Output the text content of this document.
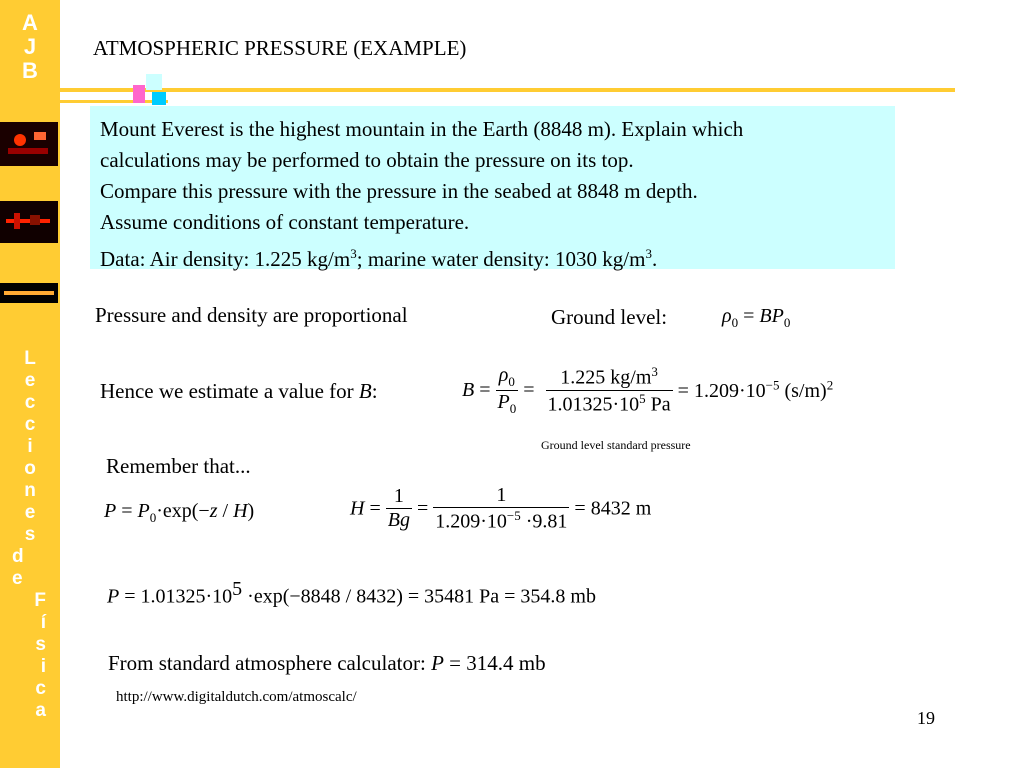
A
J
B
ATMOSPHERIC PRESSURE (EXAMPLE)
Mount Everest is the highest mountain in the Earth (8848 m). Explain which
calculations may be performed to obtain the pressure on its top.
Compare this pressure with the pressure in the seabed at 8848 m depth.
Assume conditions of constant temperature.
Data: Air density: 1.225 $kg/m^3$; marine water density: 1030 $kg/m^3$.
Pressure and density are proportional	Ground level:	$\rho_0 = BP_0$
Hence we estimate a value for B:	$B = \frac{\rho_0}{P_0} = \frac{1.225 kg/m^3}{1.01325\cdot 10^5 Pa} = 1.209\cdot 10^{-5}$ $(s/m)^2$
Ground level standard pressure
Remember that...
$P = P_0\cdot\exp(-z / H)$	$H = \frac{1}{Bg} = \frac{1}{1.209\cdot 10^{-5} \cdot 9.81} = 8432$ m
$P = 1.01325\cdot 10^5 \cdot\exp(-8848 / 8432) = 35481$ Pa = 354.8 mb
From standard atmosphere calculator: P = 314.4 mb
http://www.digitaldutch.com/atmoscalc/
L
e
c
c
i
o
n
e
s
d
e
F
í
s
i
c
a	19
